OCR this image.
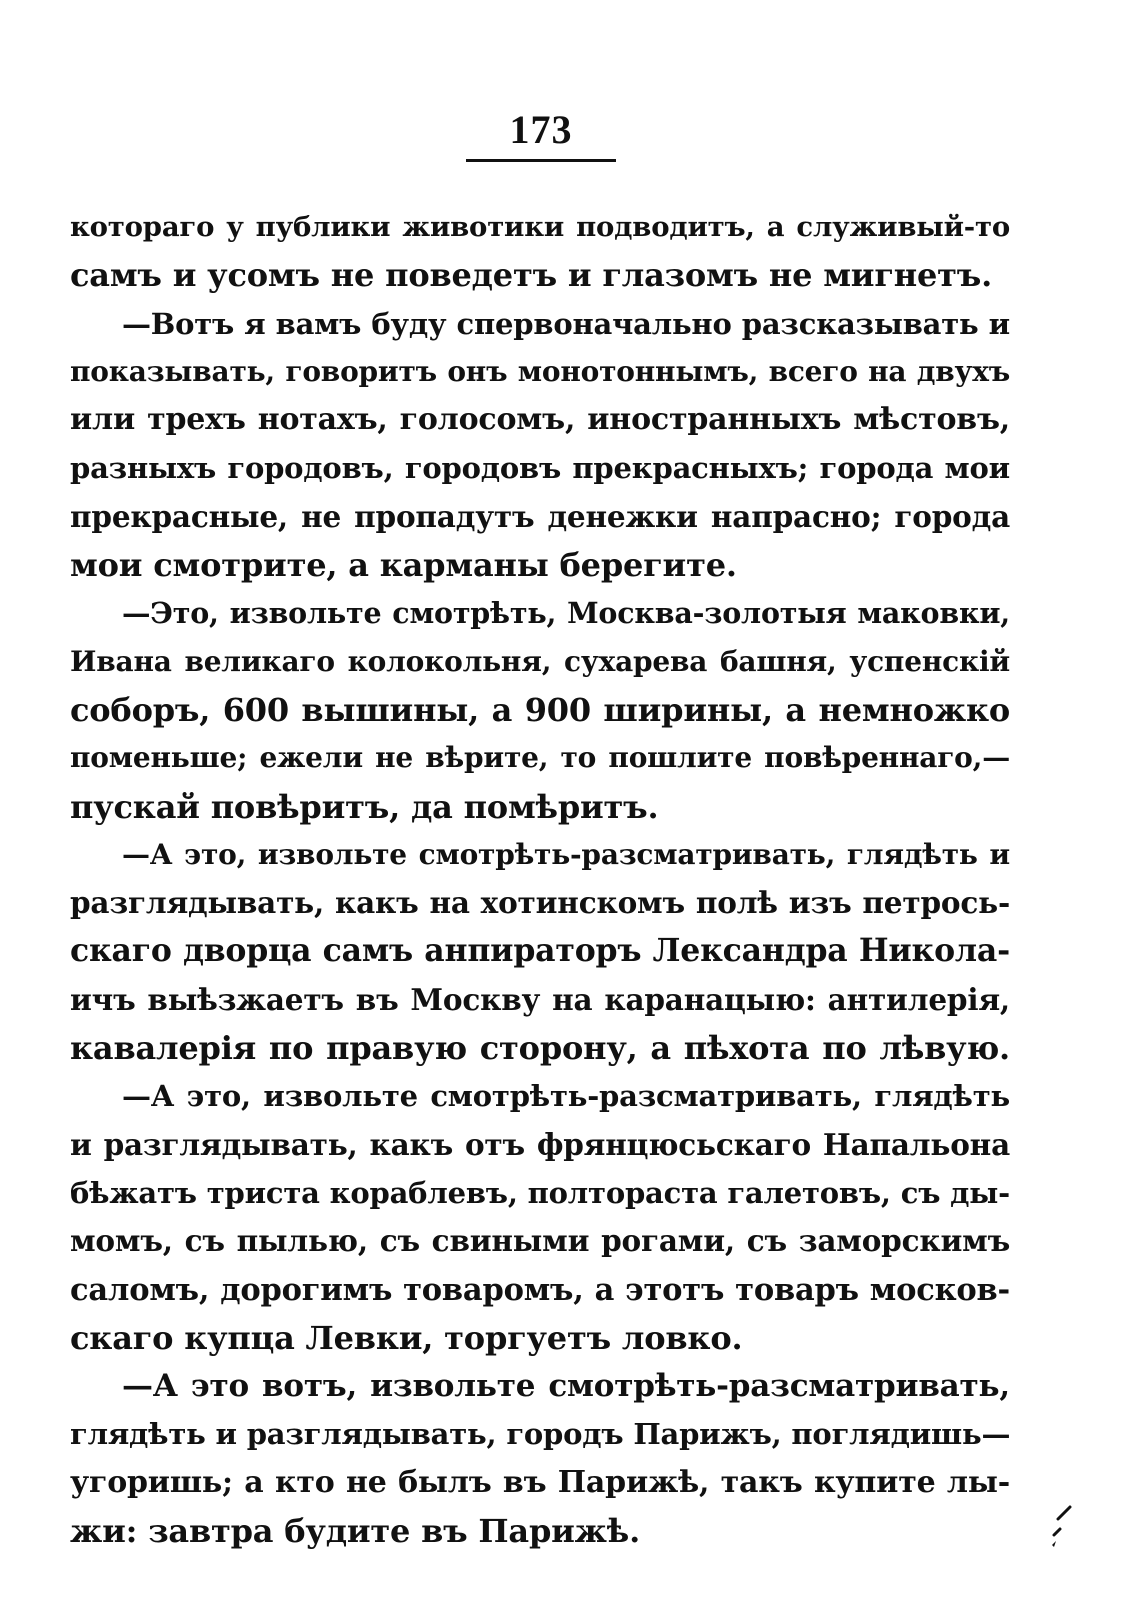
173
котораго у публики животики подводитъ, а служивый-то
самъ и усомъ не поведетъ и глазомъ не мигнетъ.
—Вотъ я вамъ буду спервоначально разсказывать и
показывать, говоритъ онъ монотоннымъ, всего на двухъ
или трехъ нотахъ, голосомъ, иностранныхъ мѣстовъ,
разныхъ городовъ, городовъ прекрасныхъ; города мои
прекрасные, не пропадутъ денежки напрасно; города
мои смотрите, а карманы берегите.
—Это, извольте смотрѣть, Москва-золотыя маковки,
Ивана великаго колокольня, сухарева башня, успенскій
соборъ, 600 вышины, а 900 ширины, а немножко
поменьше; ежели не вѣрите, то пошлите повѣреннаго,—
пускай повѣритъ, да помѣритъ.
—А это, извольте смотрѣть-разсматривать, глядѣть и
разглядывать, какъ на хотинскомъ полѣ изъ петрось-
скаго дворца самъ анпираторъ Лександра Никола-
ичъ выѣзжаетъ въ Москву на каранацыю: антилерія,
кавалерія по правую сторону, а пѣхота по лѣвую.
—А это, извольте смотрѣть-разсматривать, глядѣть
и разглядывать, какъ отъ фрянцюсьскаго Напальона
бѣжатъ триста кораблевъ, полтораста галетовъ, съ ды-
момъ, съ пылью, съ свиными рогами, съ заморскимъ
саломъ, дорогимъ товаромъ, а этотъ товаръ москов-
скаго купца Левки, торгуетъ ловко.
—А это вотъ, извольте смотрѣть-разсматривать,
глядѣть и разглядывать, городъ Парижъ, поглядишь—
угоришь; а кто не былъ въ Парижѣ, такъ купите лы-
жи: завтра будите въ Парижѣ.
